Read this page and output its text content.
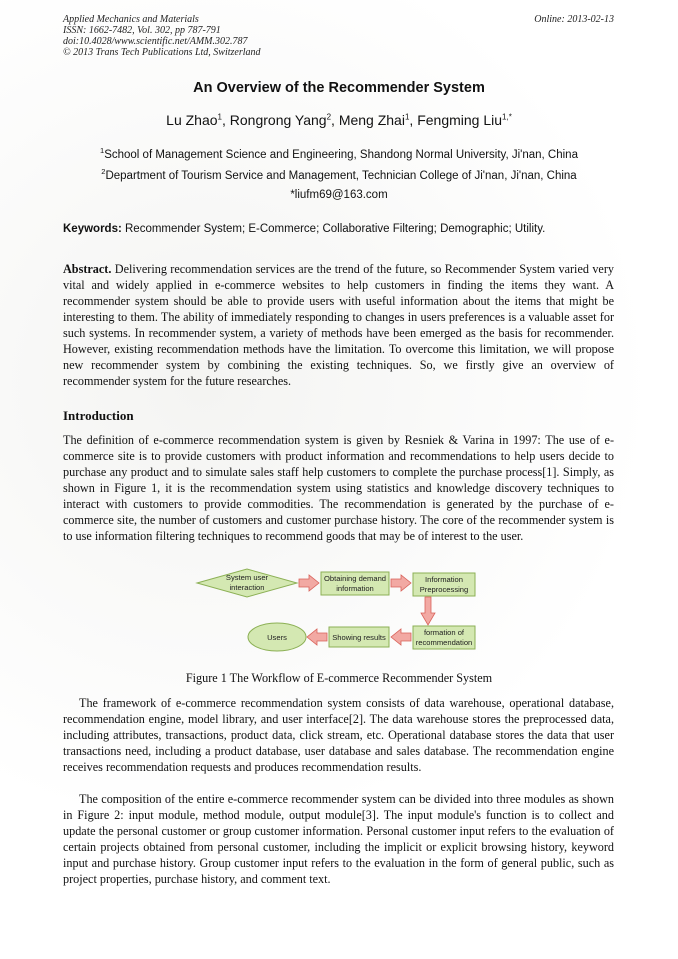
Applied Mechanics and Materials
ISSN: 1662-7482, Vol. 302, pp 787-791
doi:10.4028/www.scientific.net/AMM.302.787
© 2013 Trans Tech Publications Ltd, Switzerland
Online: 2013-02-13
An Overview of the Recommender System
Lu Zhao$^1$, Rongrong Yang$^2$, Meng Zhai$^1$, Fengming Liu$^{1,*}$
$^1$School of Management Science and Engineering, Shandong Normal University, Ji'nan, China
$^2$Department of Tourism Service and Management, Technician College of Ji'nan, Ji'nan, China
*liufm69@163.com
Keywords: Recommender System; E-Commerce; Collaborative Filtering; Demographic; Utility.
Abstract. Delivering recommendation services are the trend of the future, so Recommender System varied very vital and widely applied in e-commerce websites to help customers in finding the items they want. A recommender system should be able to provide users with useful information about the items that might be interesting to them. The ability of immediately responding to changes in users preferences is a valuable asset for such systems. In recommender system, a variety of methods have been emerged as the basis for recommender. However, existing recommendation methods have the limitation. To overcome this limitation, we will propose new recommender system by combining the existing techniques. So, we firstly give an overview of recommender system for the future researches.
Introduction
The definition of e-commerce recommendation system is given by Resniek & Varina in 1997: The use of e-commerce site is to provide customers with product information and recommendations to help users decide to purchase any product and to simulate sales staff help customers to complete the purchase process[1]. Simply, as shown in Figure 1, it is the recommendation system using statistics and knowledge discovery techniques to interact with customers to provide commodities. The recommendation is generated by the purchase of e-commerce site, the number of customers and customer purchase history. The core of the recommender system is to use information filtering techniques to recommend goods that may be of interest to the user.
System user
interaction
Obtaining demand
information
Information
Preprocessing
formation of
recommendation
Showing results
Users
Figure 1 The Workflow of E-commerce Recommender System
The framework of e-commerce recommendation system consists of data warehouse, operational database, recommendation engine, model library, and user interface[2]. The data warehouse stores the preprocessed data, including attributes, transactions, product data, click stream, etc. Operational database stores the data that user transactions need, including a product database, user database and sales database. The recommendation engine receives recommendation requests and produces recommendation results.
The composition of the entire e-commerce recommender system can be divided into three modules as shown in Figure 2: input module, method module, output module[3]. The input module's function is to collect and update the personal customer or group customer information. Personal customer input refers to the evaluation of certain projects obtained from personal customer, including the implicit or explicit browsing history, keyword input and purchase history. Group customer input refers to the evaluation in the form of general public, such as project properties, purchase history, and comment text.
